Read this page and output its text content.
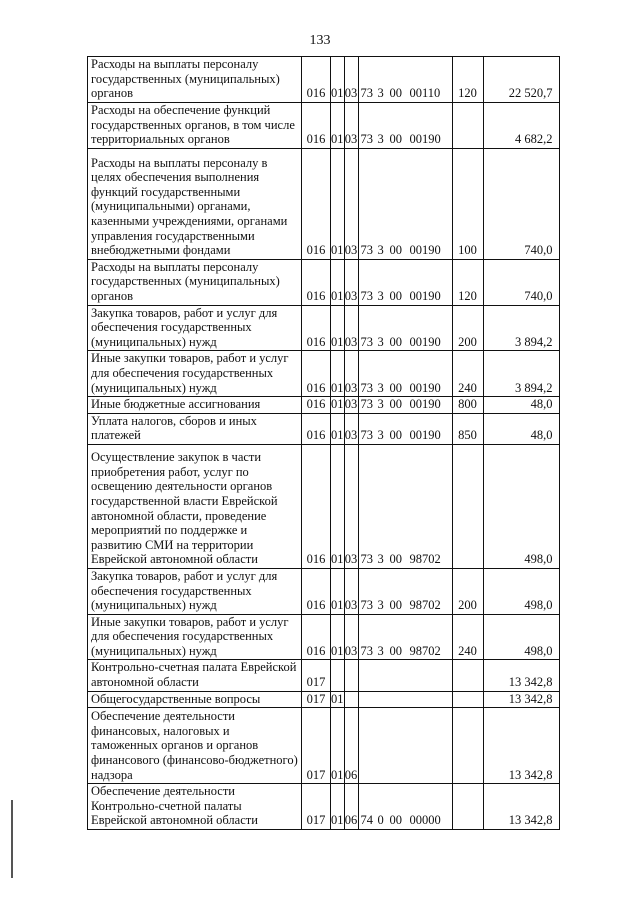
133
Расходы на выплаты персоналу государственных (муниципальных) органов	016	01	03	73 3 00 00110	120	22 520,7
Расходы на обеспечение функций государственных органов, в том числе территориальных органов	016	01	03	73 3 00 00190		4 682,2
Расходы на выплаты персоналу в целях обеспечения выполнения функций государственными (муниципальными) органами, казенными учреждениями, органами управления государственными внебюджетными фондами	016	01	03	73 3 00 00190	100	740,0
Расходы на выплаты персоналу государственных (муниципальных) органов	016	01	03	73 3 00 00190	120	740,0
Закупка товаров, работ и услуг для обеспечения государственных (муниципальных) нужд	016	01	03	73 3 00 00190	200	3 894,2
Иные закупки товаров, работ и услуг для обеспечения государственных (муниципальных) нужд	016	01	03	73 3 00 00190	240	3 894,2
Иные бюджетные ассигнования	016	01	03	73 3 00 00190	800	48,0
Уплата налогов, сборов и иных платежей	016	01	03	73 3 00 00190	850	48,0
Осуществление закупок в части приобретения работ, услуг по освещению деятельности органов государственной власти Еврейской автономной области, проведение мероприятий по поддержке и развитию СМИ на территории Еврейской автономной области	016	01	03	73 3 00 98702		498,0
Закупка товаров, работ и услуг для обеспечения государственных (муниципальных) нужд	016	01	03	73 3 00 98702	200	498,0
Иные закупки товаров, работ и услуг для обеспечения государственных (муниципальных) нужд	016	01	03	73 3 00 98702	240	498,0
Контрольно-счетная палата Еврейской автономной области	017					13 342,8
Общегосударственные вопросы	017	01				13 342,8
Обеспечение деятельности финансовых, налоговых и таможенных органов и органов финансового (финансово-бюджетного) надзора	017	01	06			13 342,8
Обеспечение деятельности Контрольно-счетной палаты Еврейской автономной области	017	01	06	74 0 00 00000		13 342,8
